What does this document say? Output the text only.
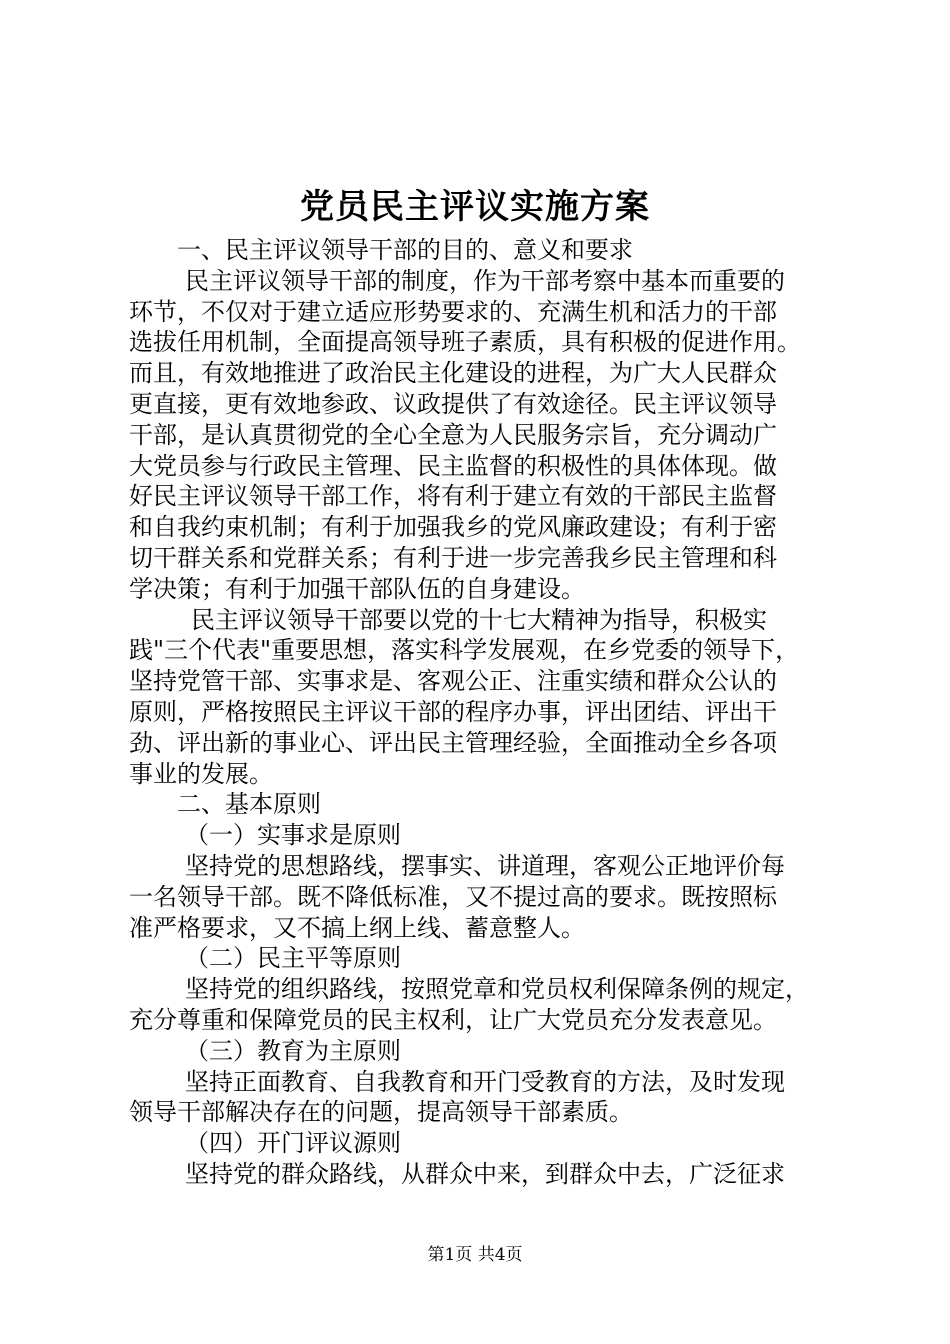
党员民主评议实施方案
一、民主评议领导干部的目的、意义和要求
民主评议领导干部的制度，作为干部考察中基本而重要的
环节，不仅对于建立适应形势要求的、充满生机和活力的干部
选拔任用机制，全面提高领导班子素质，具有积极的促进作用。
而且，有效地推进了政治民主化建设的进程，为广大人民群众
更直接，更有效地参政、议政提供了有效途径。民主评议领导
干部，是认真贯彻党的全心全意为人民服务宗旨，充分调动广
大党员参与行政民主管理、民主监督的积极性的具体体现。做
好民主评议领导干部工作，将有利于建立有效的干部民主监督
和自我约束机制；有利于加强我乡的党风廉政建设；有利于密
切干群关系和党群关系；有利于进一步完善我乡民主管理和科
学决策；有利于加强干部队伍的自身建设。
民主评议领导干部要以党的十七大精神为指导，积极实
践"三个代表"重要思想，落实科学发展观，在乡党委的领导下，
坚持党管干部、实事求是、客观公正、注重实绩和群众公认的
原则，严格按照民主评议干部的程序办事，评出团结、评出干
劲、评出新的事业心、评出民主管理经验，全面推动全乡各项
事业的发展。
二、基本原则
（一）实事求是原则
坚持党的思想路线，摆事实、讲道理，客观公正地评价每
一名领导干部。既不降低标准，又不提过高的要求。既按照标
准严格要求，又不搞上纲上线、蓄意整人。
（二）民主平等原则
坚持党的组织路线，按照党章和党员权利保障条例的规定，
充分尊重和保障党员的民主权利，让广大党员充分发表意见。
（三）教育为主原则
坚持正面教育、自我教育和开门受教育的方法，及时发现
领导干部解决存在的问题，提高领导干部素质。
（四）开门评议源则
坚持党的群众路线，从群众中来，到群众中去，广泛征求
第1页 共4页
